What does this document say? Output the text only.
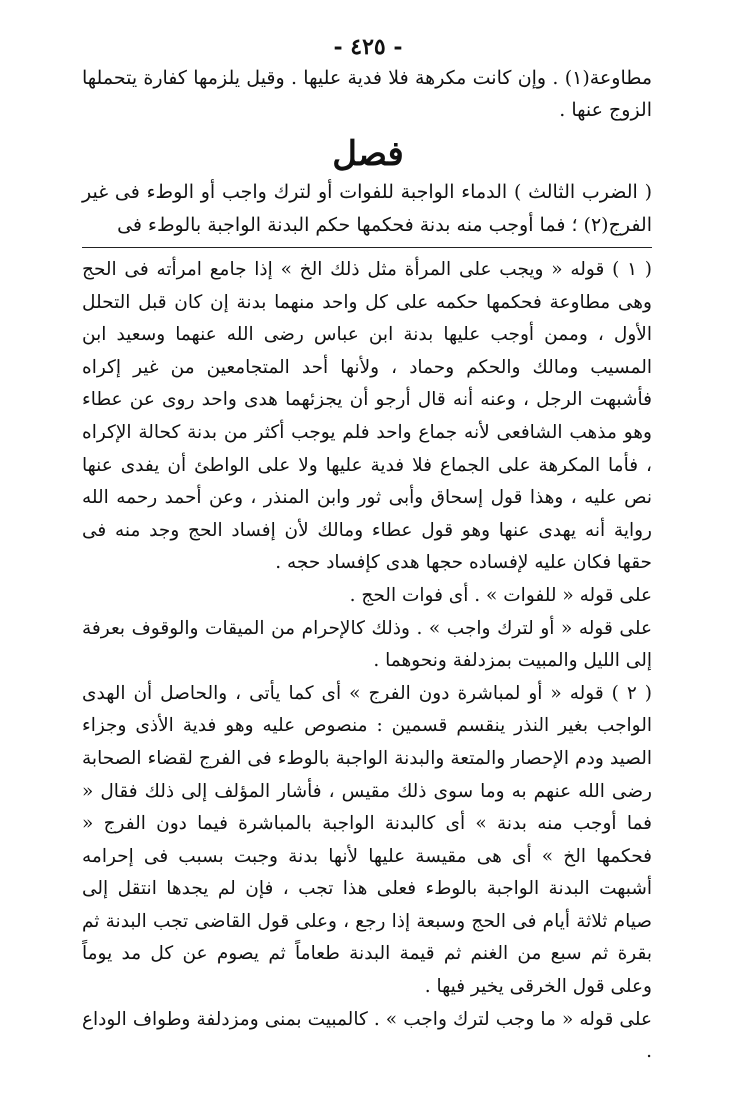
- ٤٢٥ -

مطاوعة(١) . وإن كانت مكرهة فلا فدية عليها . وقيل يلزمها كفارة يتحملها الزوج عنها .

فصل

( الضرب الثالث ) الدماء الواجبة للفوات أو لترك واجب أو الوطء فى غير الفرج(٢) ؛ فما أوجب منه بدنة فحكمها حكم البدنة الواجبة بالوطء فى

( ١ ) قوله « ويجب على المرأة مثل ذلك الخ » إذا جامع امرأته فى الحج وهى مطاوعة فحكمها حكمه على كل واحد منهما بدنة إن كان قبل التحلل الأول ، وممن أوجب عليها بدنة ابن عباس رضى الله عنهما وسعيد ابن المسيب ومالك والحكم وحماد ، ولأنها أحد المتجامعين من غير إكراه فأشبهت الرجل ، وعنه أنه قال أرجو أن يجزئهما هدى واحد روى عن عطاء وهو مذهب الشافعى لأنه جماع واحد فلم يوجب أكثر من بدنة كحالة الإكراه ، فأما المكرهة على الجماع فلا فدية عليها ولا على الواطئ أن يفدى عنها نص عليه ، وهذا قول إسحاق وأبى ثور وابن المنذر ، وعن أحمد رحمه الله رواية أنه يهدى عنها وهو قول عطاء ومالك لأن إفساد الحج وجد منه فى حقها فكان عليه لإفساده حجها هدى كإفساد حجه .

على قوله « للفوات » . أى فوات الحج .

على قوله « أو لترك واجب » . وذلك كالإحرام من الميقات والوقوف بعرفة إلى الليل والمبيت بمزدلفة ونحوهما .

( ٢ ) قوله « أو لمباشرة دون الفرج » أى كما يأتى ، والحاصل أن الهدى الواجب بغير النذر ينقسم قسمين : منصوص عليه وهو فدية الأذى وجزاء الصيد ودم الإحصار والمتعة والبدنة الواجبة بالوطء فى الفرج لقضاء الصحابة رضى الله عنهم به وما سوى ذلك مقيس ، فأشار المؤلف إلى ذلك فقال « فما أوجب منه بدنة » أى كالبدنة الواجبة بالمباشرة فيما دون الفرج « فحكمها الخ » أى هى مقيسة عليها لأنها بدنة وجبت بسبب فى إحرامه أشبهت البدنة الواجبة بالوطء فعلى هذا تجب ، فإن لم يجدها انتقل إلى صيام ثلاثة أيام فى الحج وسبعة إذا رجع ، وعلى قول القاضى تجب البدنة ثم بقرة ثم سبع من الغنم ثم قيمة البدنة طعاماً ثم يصوم عن كل مد يوماً وعلى قول الخرقى يخير فيها .

على قوله « ما وجب لترك واجب » . كالمبيت بمنى ومزدلفة وطواف الوداع .
